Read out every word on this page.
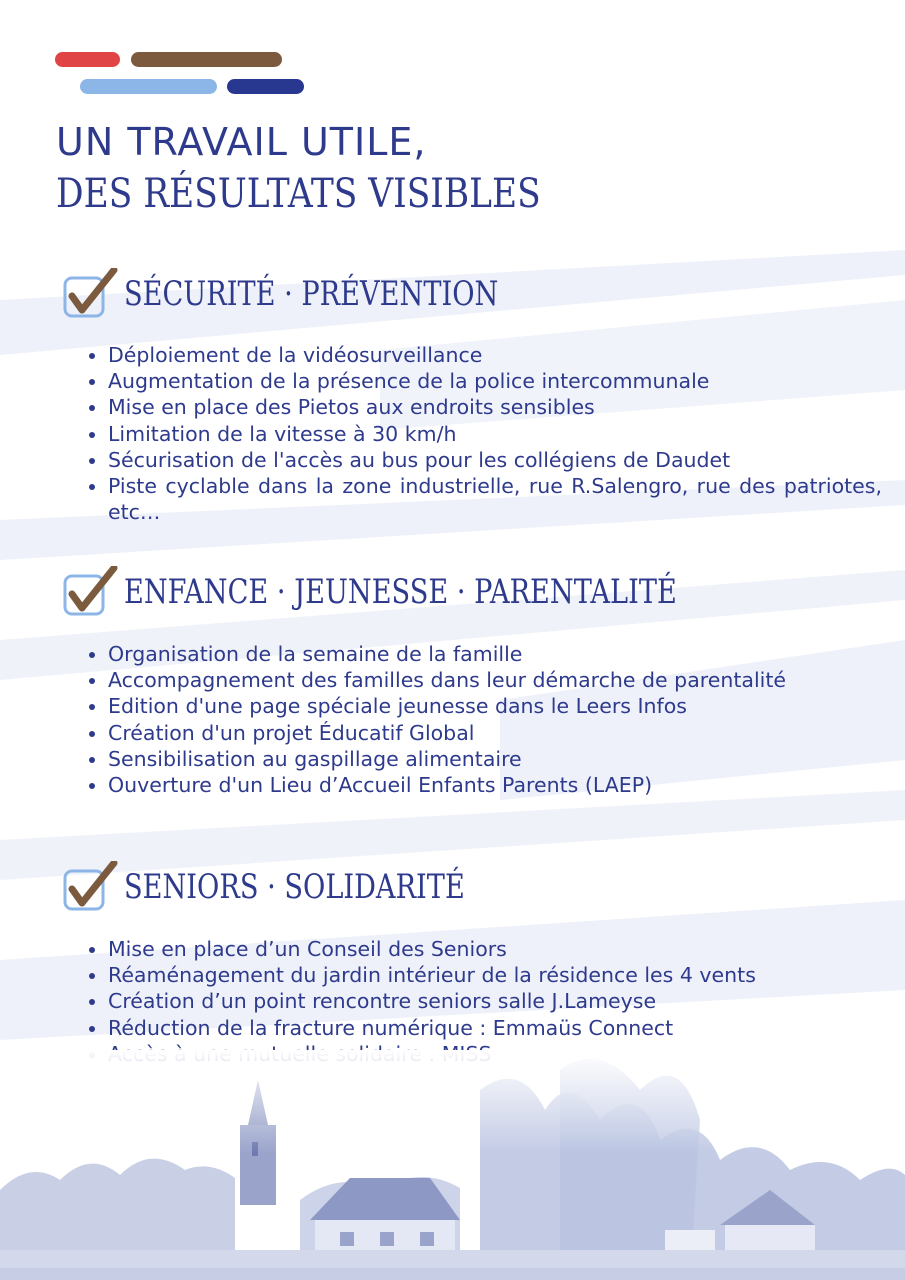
UN TRAVAIL UTILE,
DES RÉSULTATS VISIBLES
SÉCURITÉ · PRÉVENTION
• Déploiement de la vidéosurveillance
• Augmentation de la présence de la police intercommunale
• Mise en place des Pietos aux endroits sensibles
• Limitation de la vitesse à 30 km/h
• Sécurisation de l'accès au bus pour les collégiens de Daudet
• Piste cyclable dans la zone industrielle, rue R.Salengro, rue des patriotes, etc…
ENFANCE · JEUNESSE · PARENTALITÉ
• Organisation de la semaine de la famille
• Accompagnement des familles dans leur démarche de parentalité
• Edition d'une page spéciale jeunesse dans le Leers Infos
• Création d'un projet Éducatif Global
• Sensibilisation au gaspillage alimentaire
• Ouverture d'un Lieu d’Accueil Enfants Parents (LAEP)
SENIORS · SOLIDARITÉ
• Mise en place d’un Conseil des Seniors
• Réaménagement du jardin intérieur de la résidence les 4 vents
• Création d’un point rencontre seniors salle J.Lameyse
• Réduction de la fracture numérique : Emmaüs Connect
•
